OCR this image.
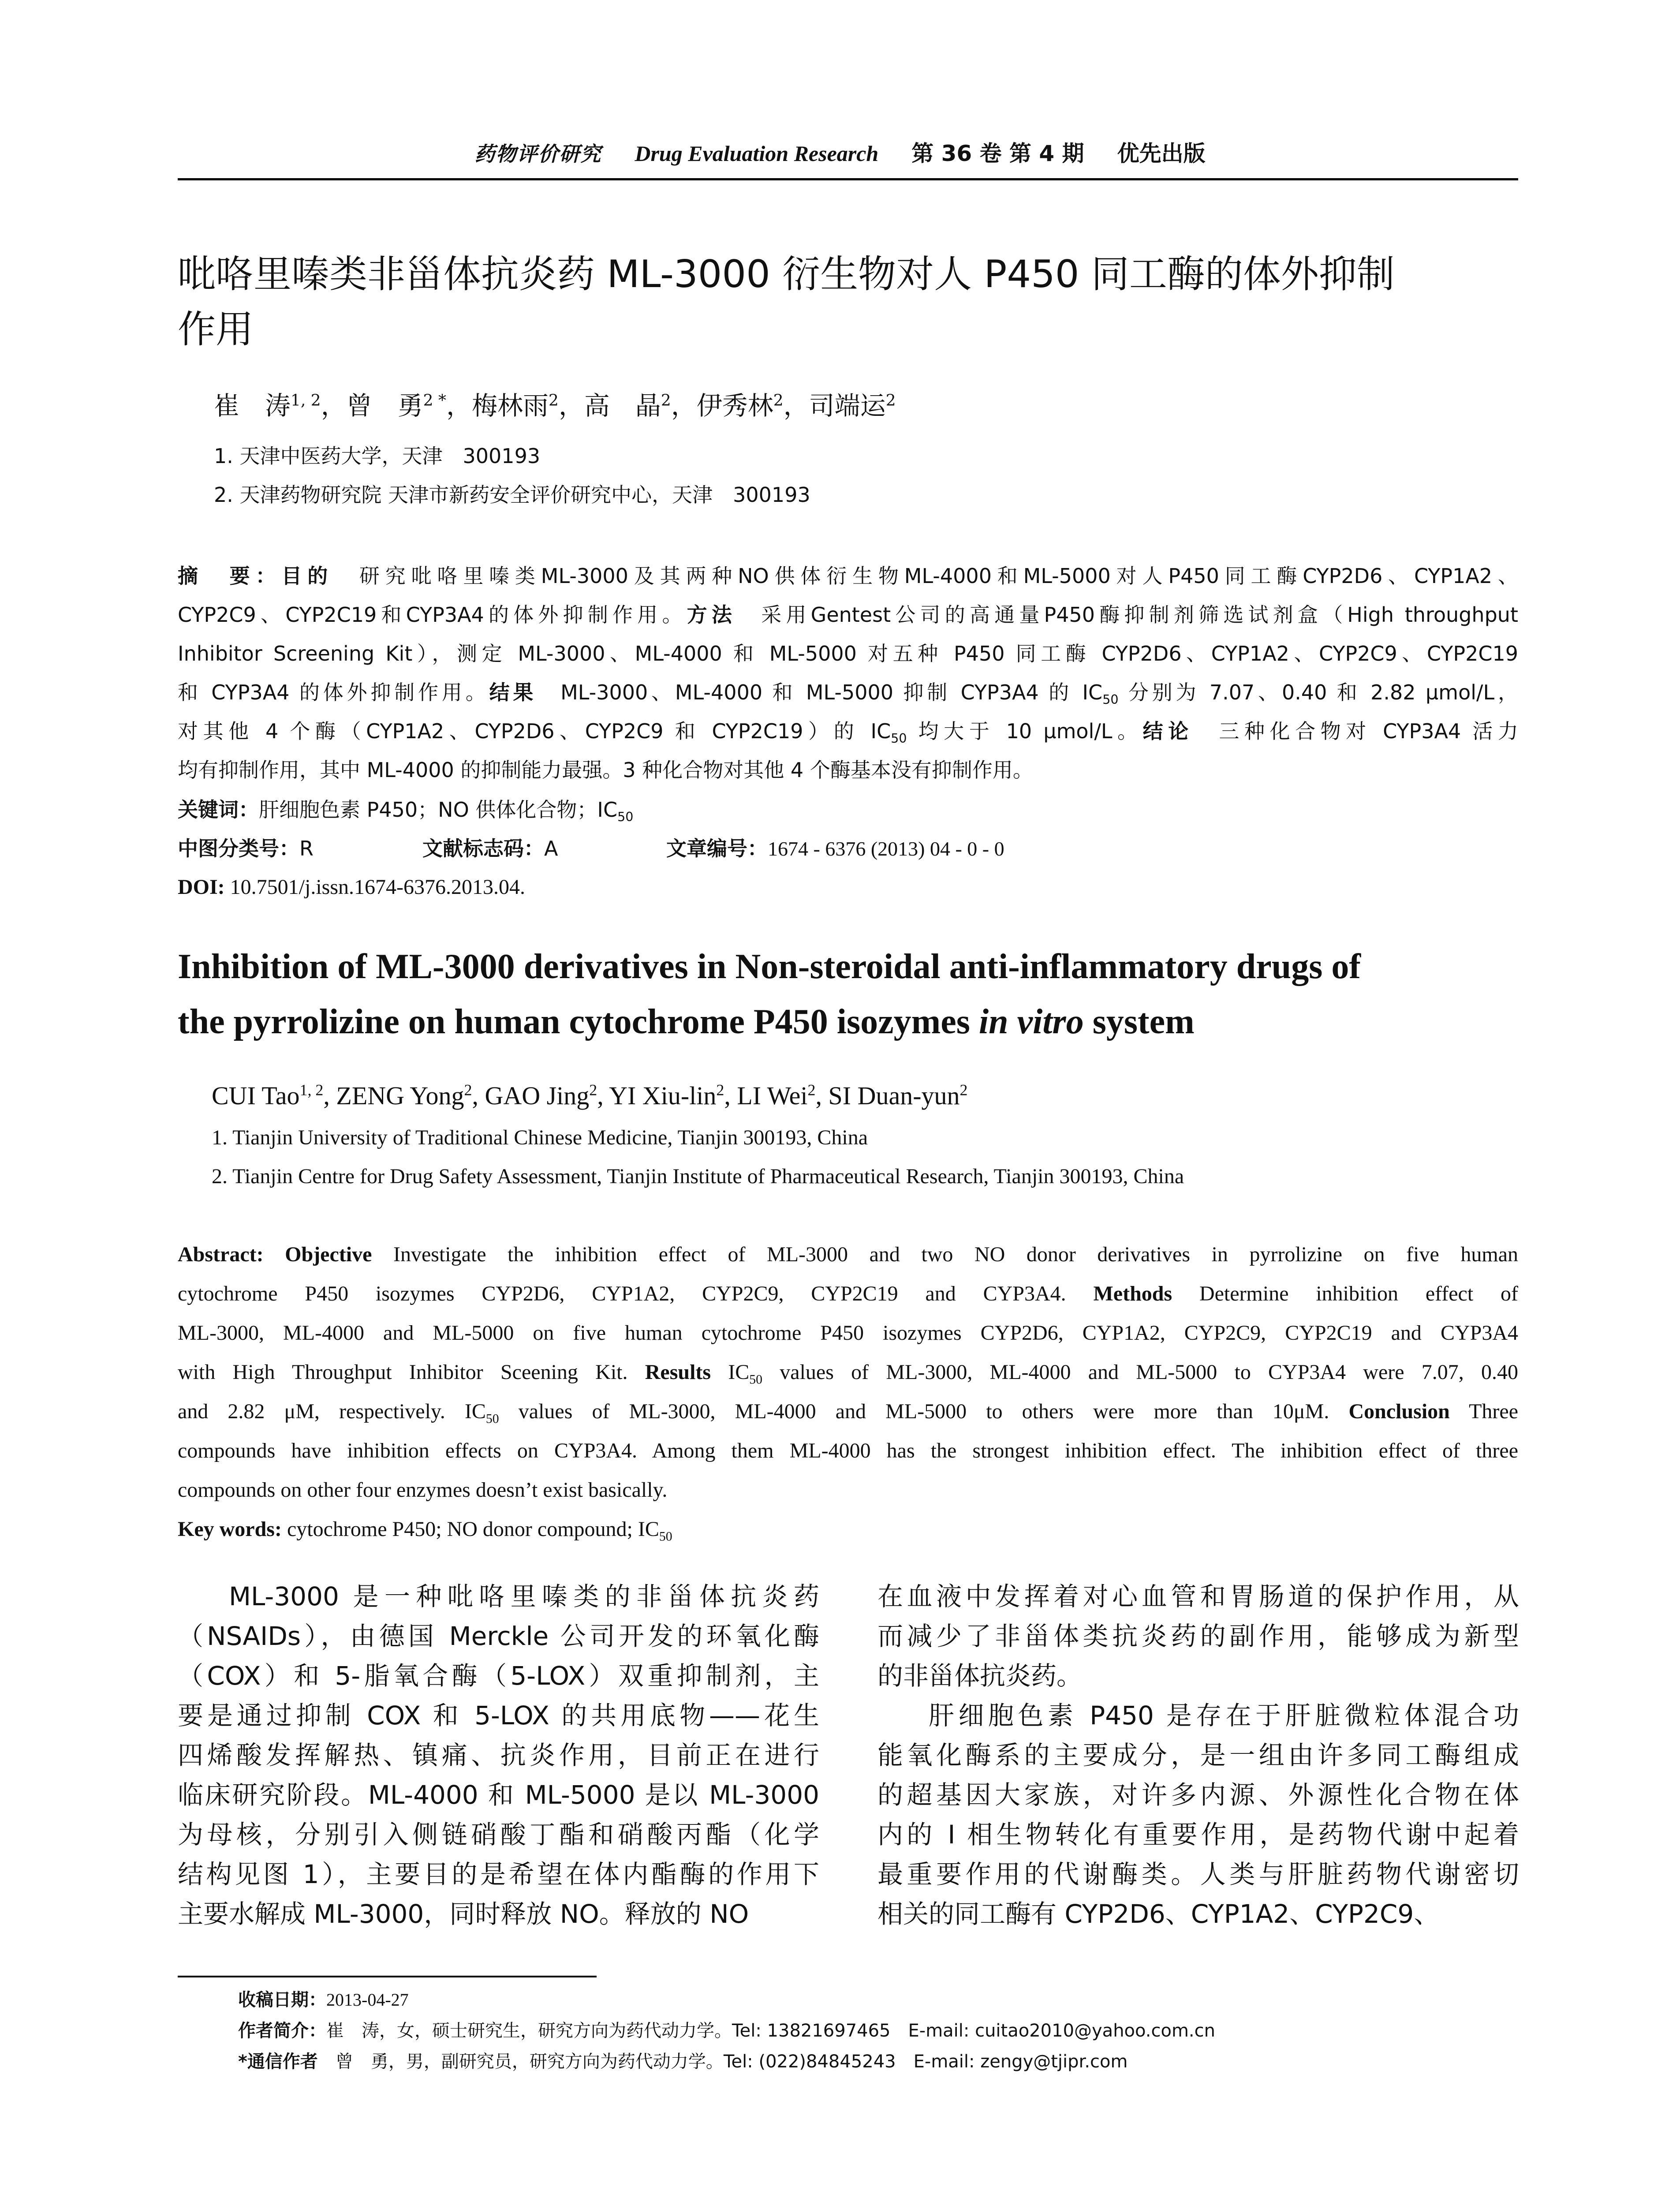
药物评价研究 Drug Evaluation Research 第 36 卷 第 4 期 优先出版
吡咯里嗪类非甾体抗炎药 ML-3000 衍生物对人 P450 同工酶的体外抑制
作用
崔　涛$^{1, 2}$，曾　勇$^{2 *}$，梅林雨$^2$，高　晶$^2$，伊秀林$^2$，司端运$^2$
1. 天津中医药大学，天津　300193
2. 天津药物研究院 天津市新药安全评价研究中心，天津　300193
摘　要：目的　研究吡咯里嗪类ML-3000及其两种NO供体衍生物ML-4000和ML-5000对人P450同工酶CYP2D6、CYP1A2、
CYP2C9、CYP2C19和CYP3A4的体外抑制作用。方法　采用Gentest公司的高通量P450酶抑制剂筛选试剂盒（High throughput
Inhibitor Screening Kit），测定 ML-3000、ML-4000 和 ML-5000 对五种 P450 同工酶 CYP2D6、CYP1A2、CYP2C9、CYP2C19
和 CYP3A4 的体外抑制作用。结果　ML-3000、ML-4000 和 ML-5000 抑制 CYP3A4 的 $IC_{50}$ 分别为 7.07、0.40 和 2.82 μmol/L，
对其他 4 个酶（CYP1A2、CYP2D6、CYP2C9 和 CYP2C19）的 $IC_{50}$ 均大于 10 μmol/L。结论　三种化合物对 CYP3A4 活力
均有抑制作用，其中 ML-4000 的抑制能力最强。3 种化合物对其他 4 个酶基本没有抑制作用。
关键词：肝细胞色素 P450；NO 供体化合物；$IC_{50}$
中图分类号：R	文献标志码：A	文章编号：1674 - 6376 (2013) 04 - 0 - 0
DOI: 10.7501/j.issn.1674-6376.2013.04.
Inhibition of ML-3000 derivatives in Non-steroidal anti-inflammatory drugs of
the pyrrolizine on human cytochrome P450 isozymes in vitro system
CUI Tao$^{1, 2}$, ZENG Yong$^2$, GAO Jing$^2$, YI Xiu-lin$^2$, LI Wei$^2$, SI Duan-yun$^2$
1. Tianjin University of Traditional Chinese Medicine, Tianjin 300193, China
2. Tianjin Centre for Drug Safety Assessment, Tianjin Institute of Pharmaceutical Research, Tianjin 300193, China
Abstract: Objective Investigate the inhibition effect of ML-3000 and two NO donor derivatives in pyrrolizine on five human
cytochrome P450 isozymes CYP2D6, CYP1A2, CYP2C9, CYP2C19 and CYP3A4. Methods Determine inhibition effect of
ML-3000, ML-4000 and ML-5000 on five human cytochrome P450 isozymes CYP2D6, CYP1A2, CYP2C9, CYP2C19 and CYP3A4
with High Throughput Inhibitor Sceening Kit. Results $IC_{50}$ values of ML-3000, ML-4000 and ML-5000 to CYP3A4 were 7.07, 0.40
and 2.82 μM, respectively. $IC_{50}$ values of ML-3000, ML-4000 and ML-5000 to others were more than 10μM. Conclusion Three
compounds have inhibition effects on CYP3A4. Among them ML-4000 has the strongest inhibition effect. The inhibition effect of three
compounds on other four enzymes doesn’t exist basically.
Key words: cytochrome P450; NO donor compound; $IC_{50}$
ML-3000 是一种吡咯里嗪类的非甾体抗炎药
（NSAIDs），由德国 Merckle 公司开发的环氧化酶
（COX）和 5-脂氧合酶（5-LOX）双重抑制剂，主
要是通过抑制 COX 和 5-LOX 的共用底物——花生
四烯酸发挥解热、镇痛、抗炎作用，目前正在进行
临床研究阶段。ML-4000 和 ML-5000 是以 ML-3000
为母核，分别引入侧链硝酸丁酯和硝酸丙酯（化学
结构见图 1），主要目的是希望在体内酯酶的作用下
主要水解成 ML-3000，同时释放 NO。释放的 NO
在血液中发挥着对心血管和胃肠道的保护作用，从
而减少了非甾体类抗炎药的副作用，能够成为新型
的非甾体抗炎药。
肝细胞色素 P450 是存在于肝脏微粒体混合功
能氧化酶系的主要成分，是一组由许多同工酶组成
的超基因大家族，对许多内源、外源性化合物在体
内的 I 相生物转化有重要作用，是药物代谢中起着
最重要作用的代谢酶类。人类与肝脏药物代谢密切
相关的同工酶有 CYP2D6、CYP1A2、CYP2C9、
收稿日期：2013-04-27
作者简介：崔　涛，女，硕士研究生，研究方向为药代动力学。Tel: 13821697465　E-mail: cuitao2010@yahoo.com.cn
*通信作者　曾　勇，男，副研究员，研究方向为药代动力学。Tel: (022)84845243　E-mail: zengy@tjipr.com
